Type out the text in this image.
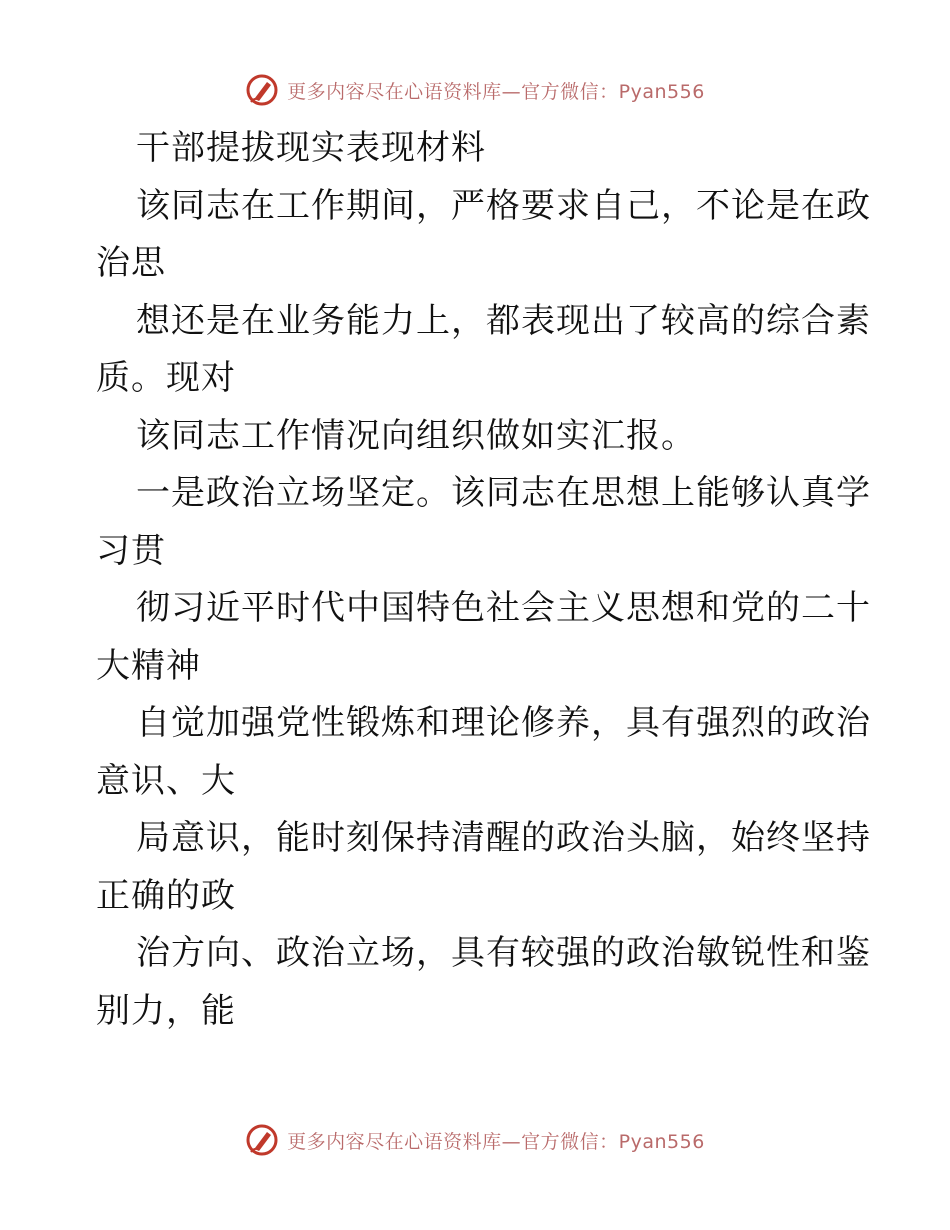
更多内容尽在心语资料库—官方微信：Pyan556
干部提拔现实表现材料
该同志在工作期间，严格要求自己，不论是在政
治思
想还是在业务能力上，都表现出了较高的综合素
质。现对
该同志工作情况向组织做如实汇报。
一是政治立场坚定。该同志在思想上能够认真学
习贯
彻习近平时代中国特色社会主义思想和党的二十
大精神
自觉加强党性锻炼和理论修养，具有强烈的政治
意识、大
局意识，能时刻保持清醒的政治头脑，始终坚持
正确的政
治方向、政治立场，具有较强的政治敏锐性和鉴
别力，能
更多内容尽在心语资料库—官方微信：Pyan556
